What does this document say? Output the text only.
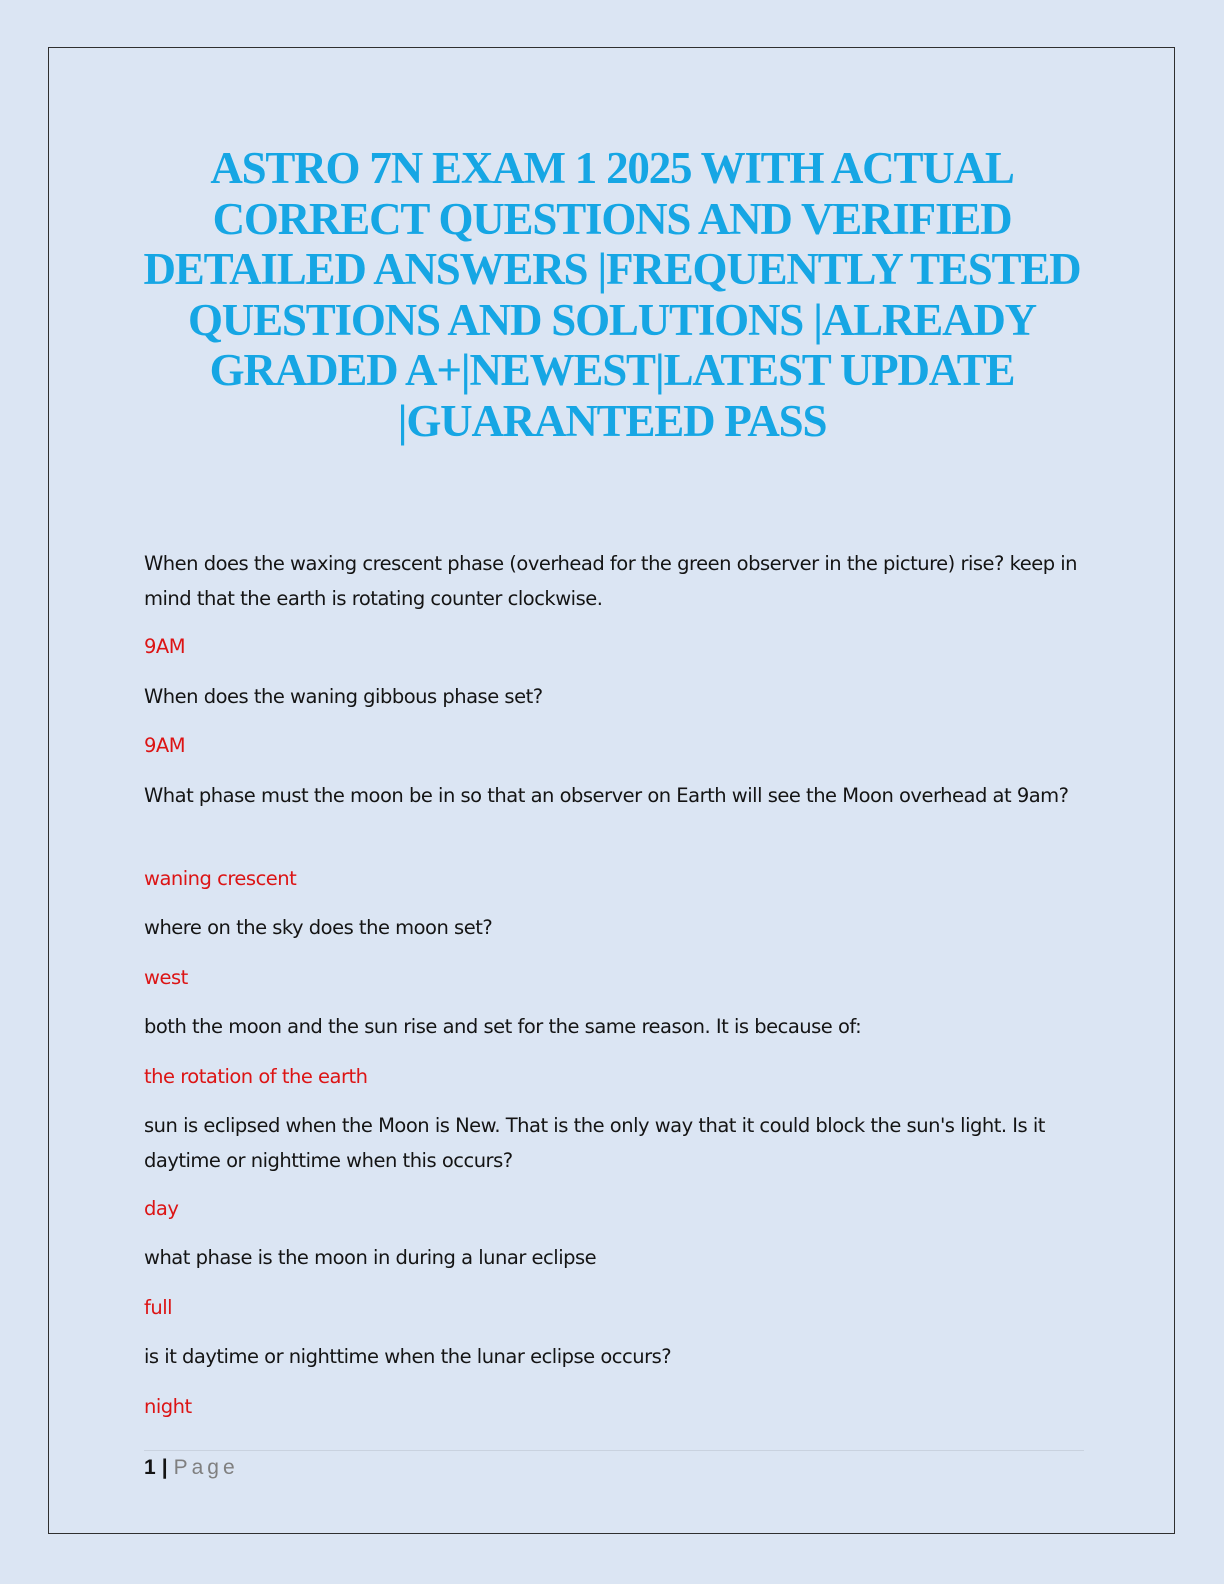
ASTRO 7N EXAM 1 2025 WITH ACTUAL CORRECT QUESTIONS AND VERIFIED DETAILED ANSWERS |FREQUENTLY TESTED QUESTIONS AND SOLUTIONS |ALREADY GRADED A+|NEWEST|LATEST UPDATE |GUARANTEED PASS

When does the waxing crescent phase (overhead for the green observer in the picture) rise? keep in mind that the earth is rotating counter clockwise.

9AM

When does the waning gibbous phase set?

9AM

What phase must the moon be in so that an observer on Earth will see the Moon overhead at 9am?

waning crescent

where on the sky does the moon set?

west

both the moon and the sun rise and set for the same reason. It is because of:

the rotation of the earth

sun is eclipsed when the Moon is New. That is the only way that it could block the sun's light. Is it daytime or nighttime when this occurs?

day

what phase is the moon in during a lunar eclipse

full

is it daytime or nighttime when the lunar eclipse occurs?

night

1 | Page
